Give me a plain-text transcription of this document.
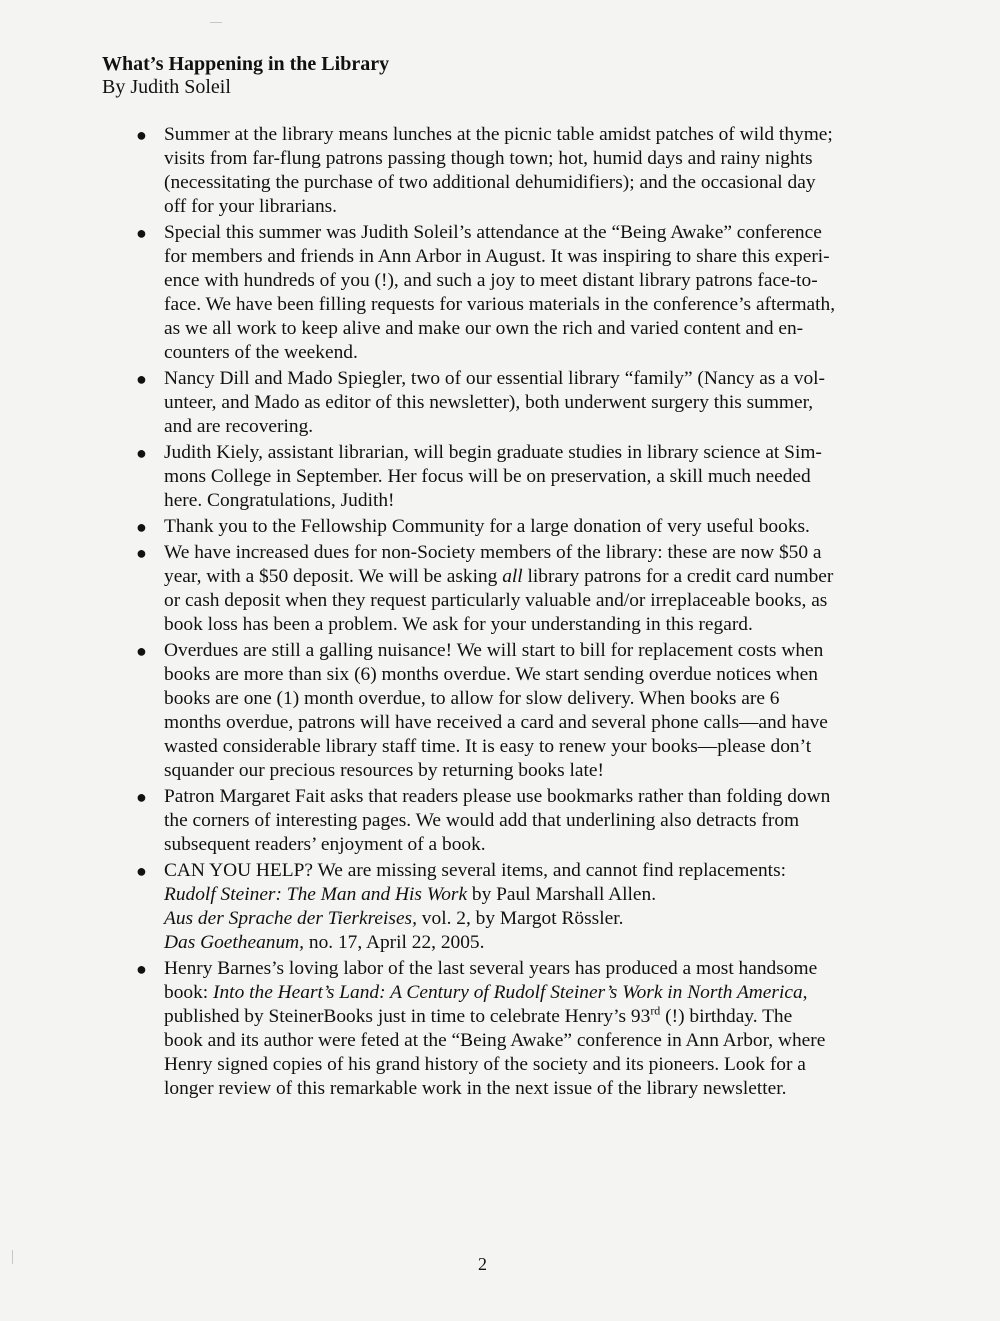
What’s Happening in the Library

By Judith Soleil

● Summer at the library means lunches at the picnic table amidst patches of wild thyme;
visits from far-flung patrons passing though town; hot, humid days and rainy nights
(necessitating the purchase of two additional dehumidifiers); and the occasional day
off for your librarians.
● Special this summer was Judith Soleil’s attendance at the “Being Awake” conference
for members and friends in Ann Arbor in August. It was inspiring to share this experi-
ence with hundreds of you (!), and such a joy to meet distant library patrons face-to-
face. We have been filling requests for various materials in the conference’s aftermath,
as we all work to keep alive and make our own the rich and varied content and en-
counters of the weekend.
● Nancy Dill and Mado Spiegler, two of our essential library “family” (Nancy as a vol-
unteer, and Mado as editor of this newsletter), both underwent surgery this summer,
and are recovering.
● Judith Kiely, assistant librarian, will begin graduate studies in library science at Sim-
mons College in September. Her focus will be on preservation, a skill much needed
here. Congratulations, Judith!
● Thank you to the Fellowship Community for a large donation of very useful books.
● We have increased dues for non-Society members of the library: these are now $50 a
year, with a $50 deposit. We will be asking all library patrons for a credit card number
or cash deposit when they request particularly valuable and/or irreplaceable books, as
book loss has been a problem. We ask for your understanding in this regard.
● Overdues are still a galling nuisance! We will start to bill for replacement costs when
books are more than six (6) months overdue. We start sending overdue notices when
books are one (1) month overdue, to allow for slow delivery. When books are 6
months overdue, patrons will have received a card and several phone calls—and have
wasted considerable library staff time. It is easy to renew your books—please don’t
squander our precious resources by returning books late!
● Patron Margaret Fait asks that readers please use bookmarks rather than folding down
the corners of interesting pages. We would add that underlining also detracts from
subsequent readers’ enjoyment of a book.
● CAN YOU HELP? We are missing several items, and cannot find replacements:
Rudolf Steiner: The Man and His Work by Paul Marshall Allen.
Aus der Sprache der Tierkreises, vol. 2, by Margot Rössler.
Das Goetheanum, no. 17, April 22, 2005.
● Henry Barnes’s loving labor of the last several years has produced a most handsome
book: Into the Heart’s Land: A Century of Rudolf Steiner’s Work in North America,
published by SteinerBooks just in time to celebrate Henry’s 93rd (!) birthday. The
book and its author were feted at the “Being Awake” conference in Ann Arbor, where
Henry signed copies of his grand history of the society and its pioneers. Look for a
longer review of this remarkable work in the next issue of the library newsletter.
2
